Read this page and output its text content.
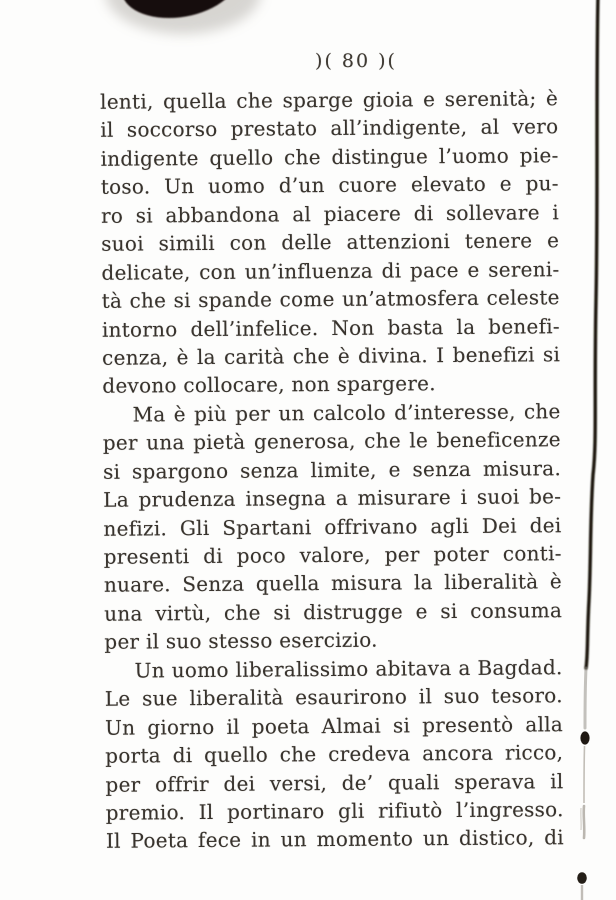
)( 80 )(
lenti, quella che sparge gioia e serenità; è
il soccorso prestato all’indigente, al vero
indigente quello che distingue l’uomo pie-
toso. Un uomo d’un cuore elevato e pu-
ro si abbandona al piacere di sollevare i
suoi simili con delle attenzioni tenere e
delicate, con un’influenza di pace e sereni-
tà che si spande come un’atmosfera celeste
intorno dell’infelice. Non basta la benefi-
cenza, è la carità che è divina. I benefizi si
devono collocare, non spargere.
Ma è più per un calcolo d’interesse, che
per una pietà generosa, che le beneficenze
si spargono senza limite, e senza misura.
La prudenza insegna a misurare i suoi be-
nefizi. Gli Spartani offrivano agli Dei dei
presenti di poco valore, per poter conti-
nuare. Senza quella misura la liberalità è
una virtù, che si distrugge e si consuma
per il suo stesso esercizio.
Un uomo liberalissimo abitava a Bagdad.
Le sue liberalità esaurirono il suo tesoro.
Un giorno il poeta Almai si presentò alla
porta di quello che credeva ancora ricco,
per offrir dei versi, de’ quali sperava il
premio. Il portinaro gli rifiutò l’ingresso.
Il Poeta fece in un momento un distico, di
